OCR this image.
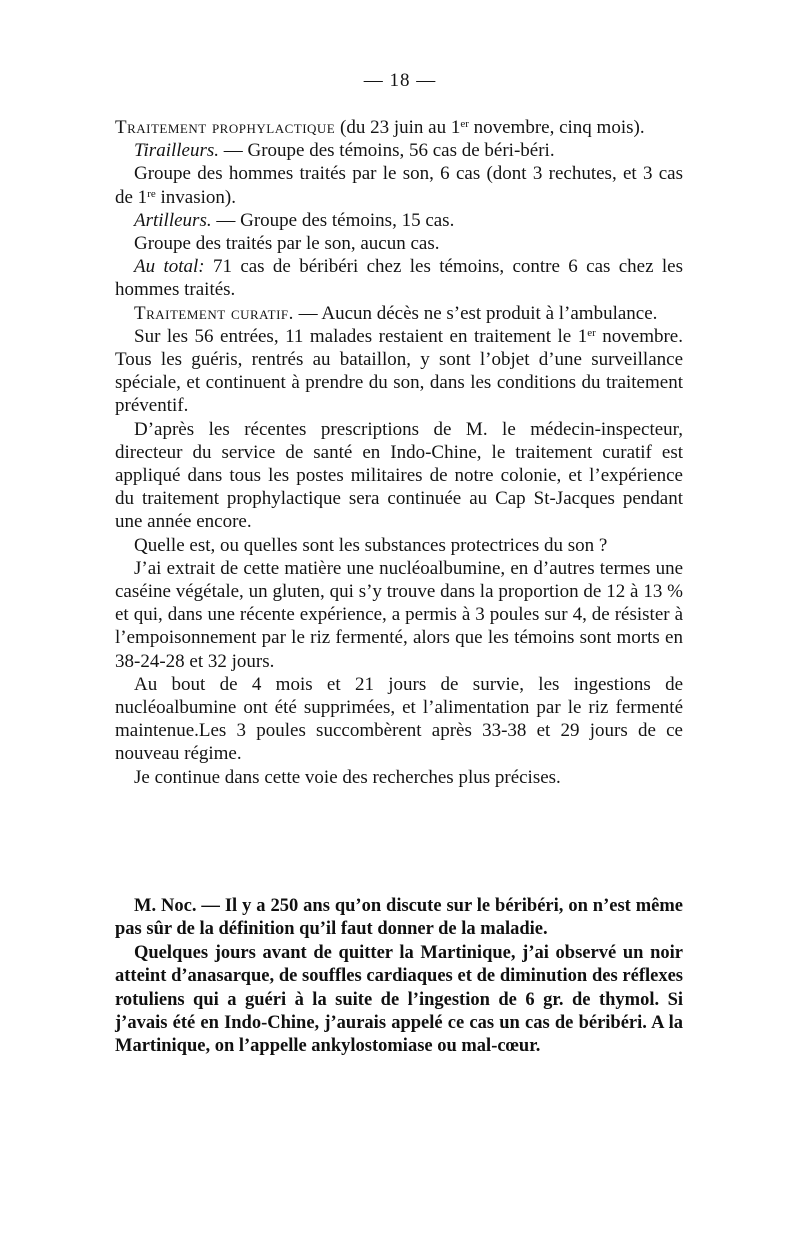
— 18 —

Traitement prophylactique (du 23 juin au 1er novembre, cinq mois).

Tirailleurs. — Groupe des témoins, 56 cas de béri-béri.

Groupe des hommes traités par le son, 6 cas (dont 3 rechutes, et 3 cas de 1re invasion).

Artilleurs. — Groupe des témoins, 15 cas.

Groupe des traités par le son, aucun cas.

Au total: 71 cas de béribéri chez les témoins, contre 6 cas chez les hommes traités.

Traitement curatif. — Aucun décès ne s’est produit à l’ambulance.

Sur les 56 entrées, 11 malades restaient en traitement le 1er novembre. Tous les guéris, rentrés au bataillon, y sont l’objet d’une surveillance spéciale, et continuent à prendre du son, dans les conditions du traitement préventif.

D’après les récentes prescriptions de M. le médecin-inspecteur, directeur du service de santé en Indo-Chine, le traitement curatif est appliqué dans tous les postes militaires de notre colonie, et l’expérience du traitement prophylactique sera continuée au Cap St-Jacques pendant une année encore.

Quelle est, ou quelles sont les substances protectrices du son ?

J’ai extrait de cette matière une nucléoalbumine, en d’autres termes une caséine végétale, un gluten, qui s’y trouve dans la proportion de 12 à 13 % et qui, dans une récente expérience, a permis à 3 poules sur 4, de résister à l’empoisonnement par le riz fermenté, alors que les témoins sont morts en 38-24-28 et 32 jours.

Au bout de 4 mois et 21 jours de survie, les ingestions de nucléoalbumine ont été supprimées, et l’alimentation par le riz fermenté maintenue.Les 3 poules succombèrent après 33-38 et 29 jours de ce nouveau régime.

Je continue dans cette voie des recherches plus précises.

M. Noc. — Il y a 250 ans qu’on discute sur le béribéri, on n’est même pas sûr de la définition qu’il faut donner de la maladie.

Quelques jours avant de quitter la Martinique, j’ai observé un noir atteint d’anasarque, de souffles cardiaques et de diminution des réflexes rotuliens qui a guéri à la suite de l’ingestion de 6 gr. de thymol. Si j’avais été en Indo-Chine, j’aurais appelé ce cas un cas de béribéri. A la Martinique, on l’appelle ankylostomiase ou mal-cœur.
